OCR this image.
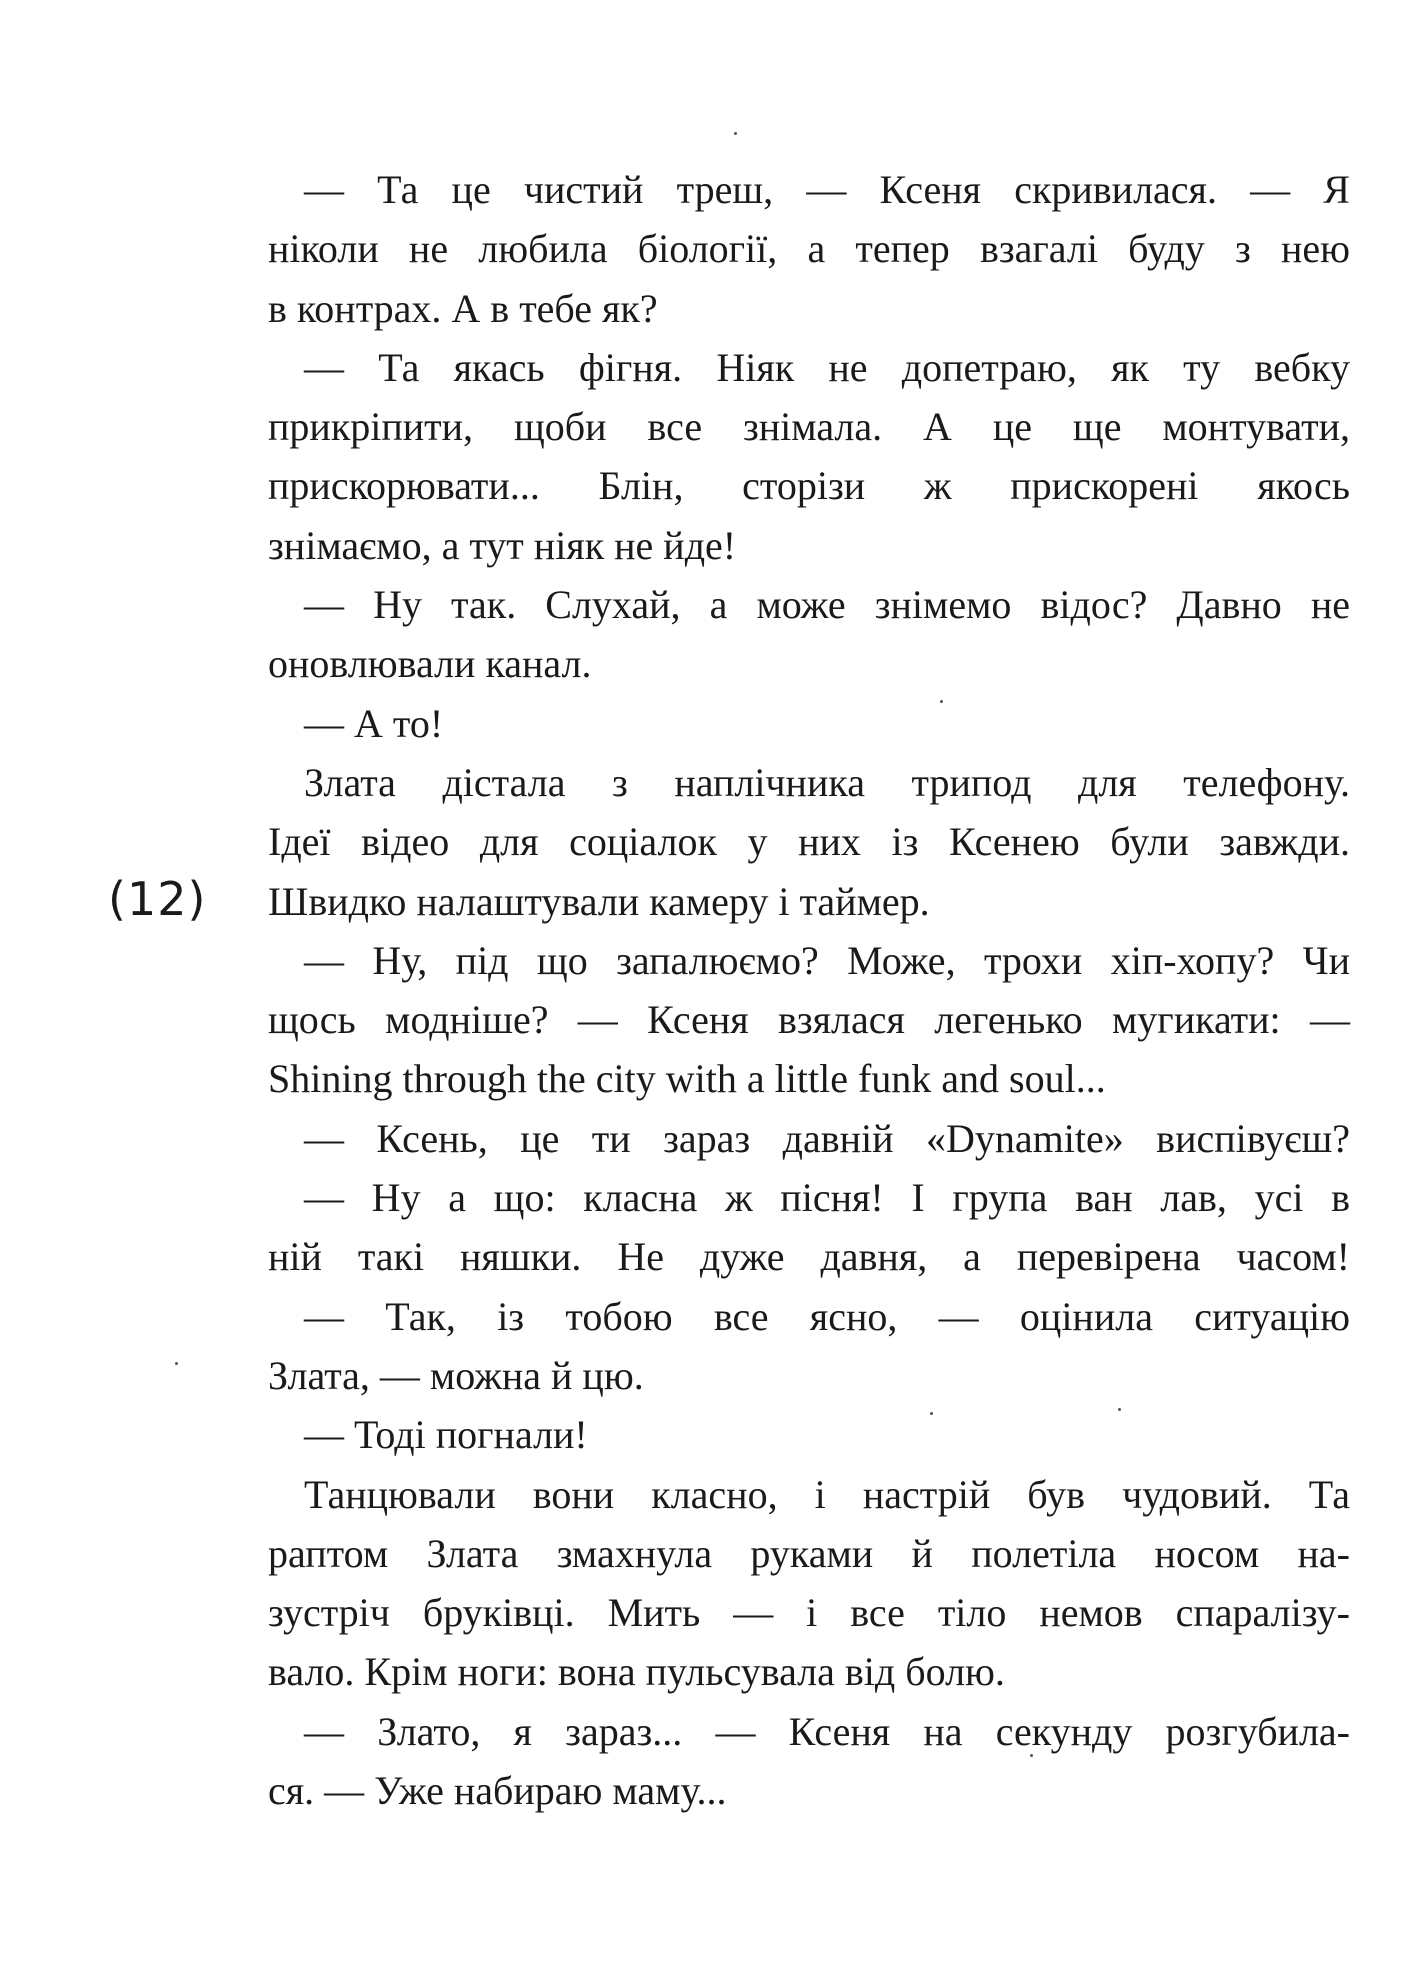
— Та це чистий треш, — Ксеня скривилася. — Я
ніколи не любила біології, а тепер взагалі буду з нею
в контрах. А в тебе як?
— Та якась фігня. Ніяк не допетраю, як ту вебку
прикріпити, щоби все знімала. А це ще монтувати,
прискорювати... Блін, сторізи ж прискорені якось
знімаємо, а тут ніяк не йде!
— Ну так. Слухай, а може знімемо відос? Давно не
оновлювали канал.
— А то!
Злата дістала з наплічника трипод для телефону.
Ідеї відео для соціалок у них із Ксенею були завжди.
Швидко налаштували камеру і таймер.
— Ну, під що запалюємо? Може, трохи хіп-хопу? Чи
щось модніше? — Ксеня взялася легенько мугикати: —
Shining through the city with a little funk and soul...
— Ксень, це ти зараз давній «Dynamite» виспівуєш?
— Ну а що: класна ж пісня! І група ван лав, усі в
ній такі няшки. Не дуже давня, а перевірена часом!
— Так, із тобою все ясно, — оцінила ситуацію
Злата, — можна й цю.
— Тоді погнали!
Танцювали вони класно, і настрій був чудовий. Та
раптом Злата змахнула руками й полетіла носом на-
зустріч бруківці. Мить — і все тіло немов спаралізу-
вало. Крім ноги: вона пульсувала від болю.
— Злато, я зараз... — Ксеня на секунду розгубила-
ся. — Уже набираю маму...
(12)
